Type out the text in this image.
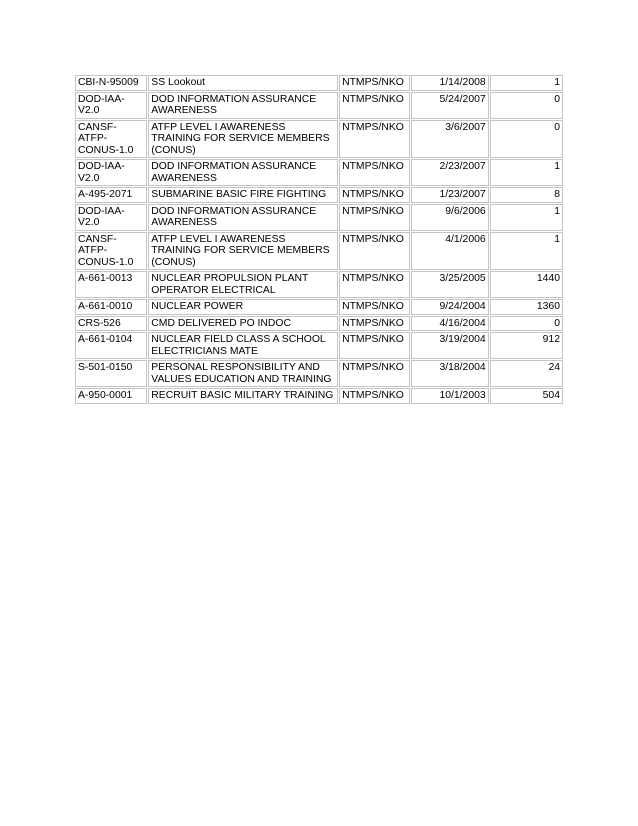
CBI-N-95009	SS Lookout	NTMPS/NKO	1/14/2008	1
DOD-IAA-V2.0	DOD INFORMATION ASSURANCE AWARENESS	NTMPS/NKO	5/24/2007	0
CANSF-ATFP-CONUS-1.0	ATFP LEVEL I AWARENESS TRAINING FOR SERVICE MEMBERS (CONUS)	NTMPS/NKO	3/6/2007	0
DOD-IAA-V2.0	DOD INFORMATION ASSURANCE AWARENESS	NTMPS/NKO	2/23/2007	1
A-495-2071	SUBMARINE BASIC FIRE FIGHTING	NTMPS/NKO	1/23/2007	8
DOD-IAA-V2.0	DOD INFORMATION ASSURANCE AWARENESS	NTMPS/NKO	9/6/2006	1
CANSF-ATFP-CONUS-1.0	ATFP LEVEL I AWARENESS TRAINING FOR SERVICE MEMBERS (CONUS)	NTMPS/NKO	4/1/2006	1
A-661-0013	NUCLEAR PROPULSION PLANT OPERATOR ELECTRICAL	NTMPS/NKO	3/25/2005	1440
A-661-0010	NUCLEAR POWER	NTMPS/NKO	9/24/2004	1360
CRS-526	CMD DELIVERED PO INDOC	NTMPS/NKO	4/16/2004	0
A-661-0104	NUCLEAR FIELD CLASS A SCHOOL ELECTRICIANS MATE	NTMPS/NKO	3/19/2004	912
S-501-0150	PERSONAL RESPONSIBILITY AND VALUES EDUCATION AND TRAINING	NTMPS/NKO	3/18/2004	24
A-950-0001	RECRUIT BASIC MILITARY TRAINING	NTMPS/NKO	10/1/2003	504
